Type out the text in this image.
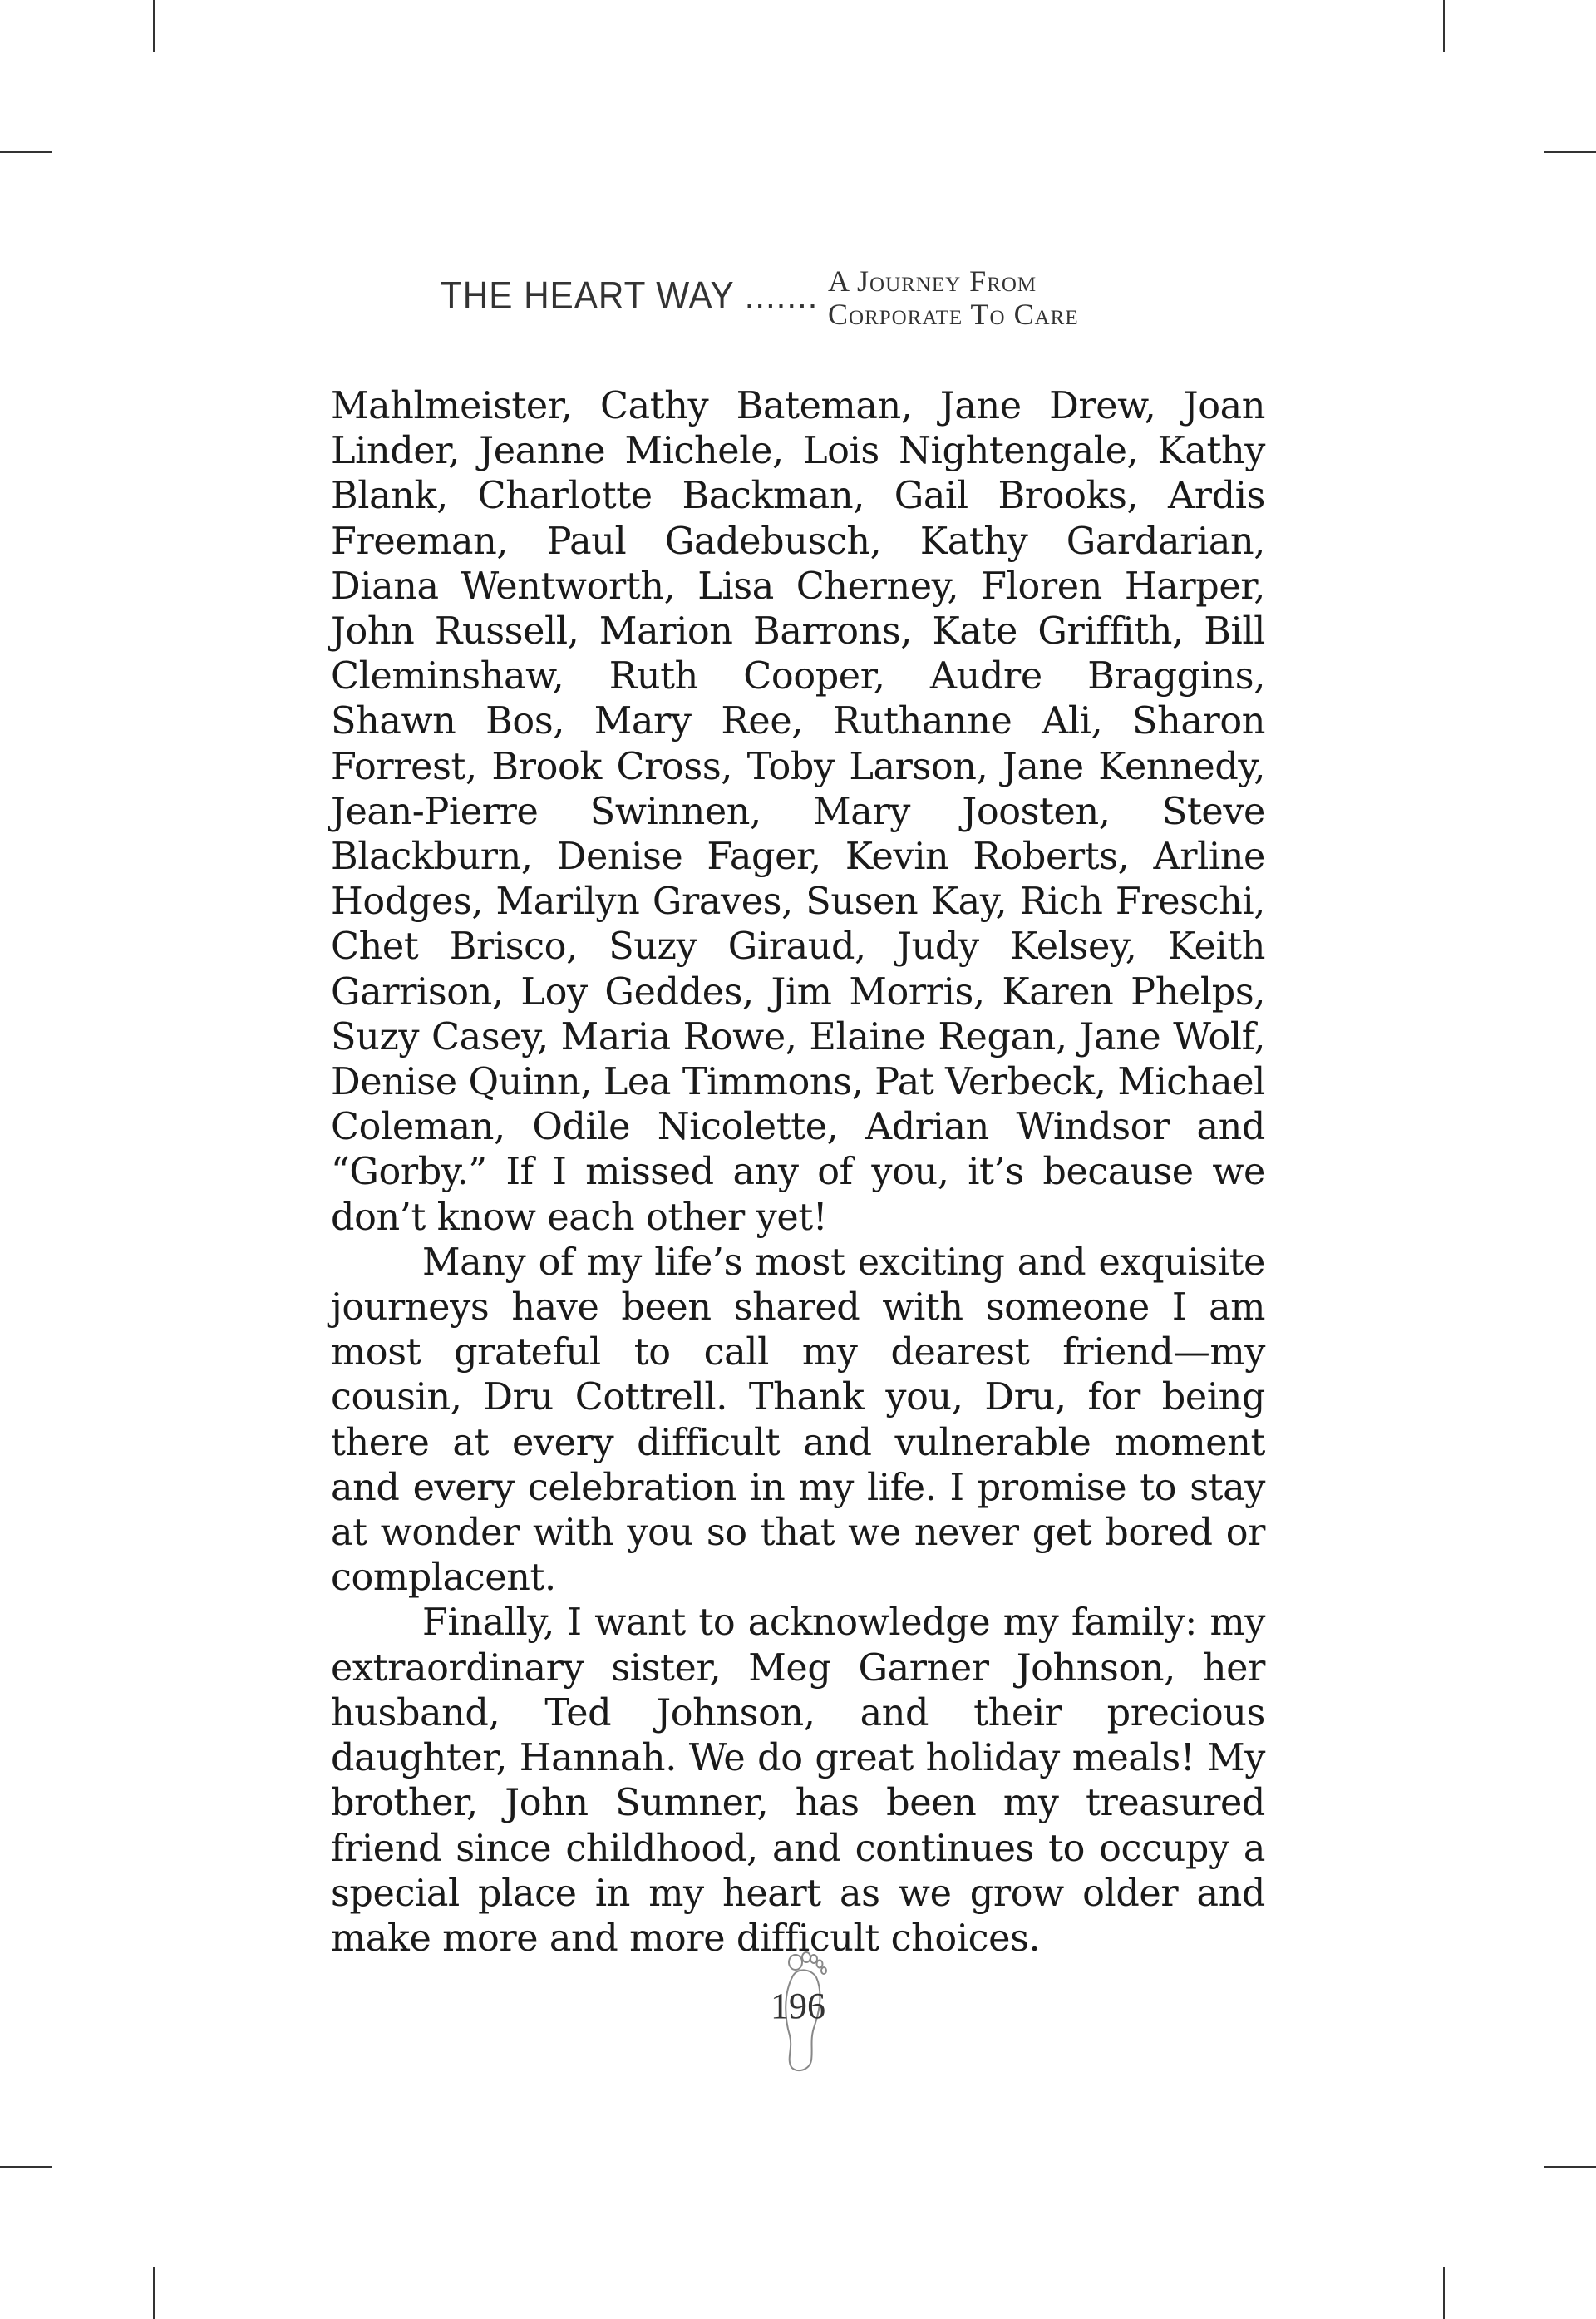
THE HEART WAY ....... A Journey From
Corporate To Care

Mahlmeister, Cathy Bateman, Jane Drew, Joan Linder, Jeanne Michele, Lois Nightengale, Kathy Blank, Charlotte Backman, Gail Brooks, Ardis Freeman, Paul Gadebusch, Kathy Gardarian, Diana Wentworth, Lisa Cherney, Floren Harper, John Russell, Marion Barrons, Kate Griffith, Bill Cleminshaw, Ruth Cooper, Audre Braggins, Shawn Bos, Mary Ree, Ruthanne Ali, Sharon Forrest, Brook Cross, Toby Larson, Jane Kennedy, Jean-Pierre Swinnen, Mary Joosten, Steve Blackburn, Denise Fager, Kevin Roberts, Arline Hodges, Marilyn Graves, Susen Kay, Rich Freschi, Chet Brisco, Suzy Giraud, Judy Kelsey, Keith Garrison, Loy Geddes, Jim Morris, Karen Phelps, Suzy Casey, Maria Rowe, Elaine Regan, Jane Wolf, Denise Quinn, Lea Timmons, Pat Verbeck, Michael Coleman, Odile Nicolette, Adrian Windsor and “Gorby.” If I missed any of you, it’s because we don’t know each other yet!

Many of my life’s most exciting and exquisite journeys have been shared with someone I am most grateful to call my dearest friend—my cousin, Dru Cottrell. Thank you, Dru, for being there at every difficult and vulnerable moment and every celebration in my life. I promise to stay at wonder with you so that we never get bored or complacent.

Finally, I want to acknowledge my family: my extraordinary sister, Meg Garner Johnson, her husband, Ted Johnson, and their precious daughter, Hannah. We do great holiday meals! My brother, John Sumner, has been my treasured friend since childhood, and continues to occupy a special place in my heart as we grow older and make more and more difficult choices.

196
